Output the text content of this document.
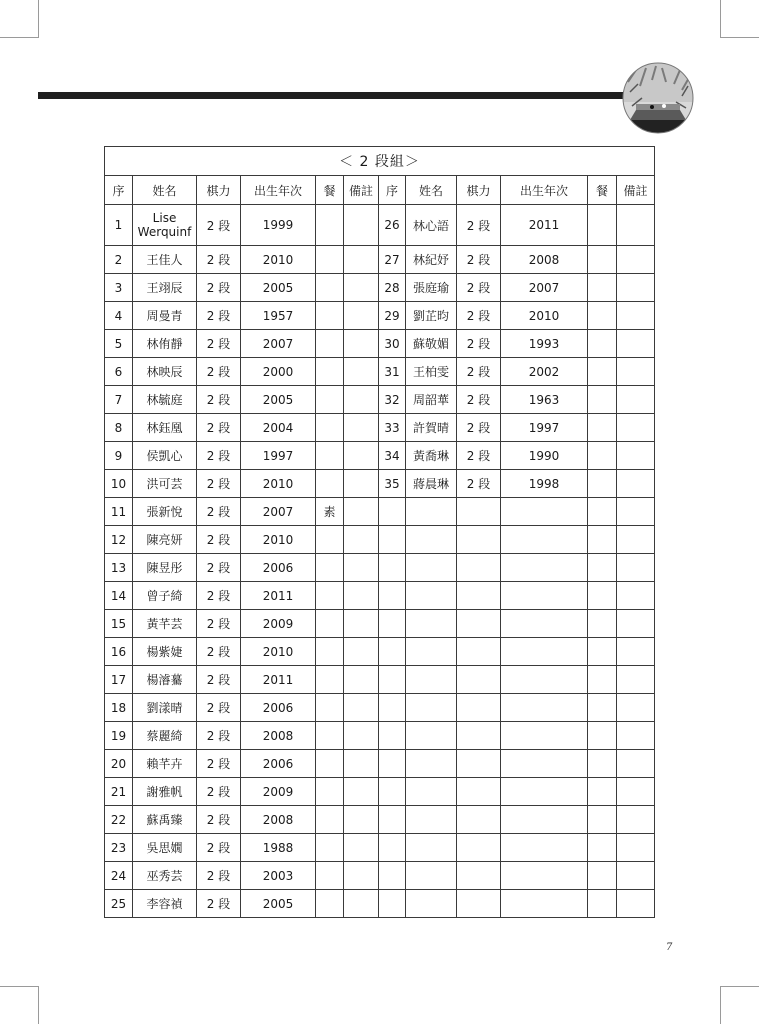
＜ 2 段組＞											
序	姓名	棋力	出生年次	餐	備註	序	姓名	棋力	出生年次	餐	備註
1	Lise Werquinf	2 段	1999			26	林心語	2 段	2011		
2	王佳人	2 段	2010			27	林紀妤	2 段	2008		
3	王翊辰	2 段	2005			28	張庭瑜	2 段	2007		
4	周曼青	2 段	1957			29	劉芷昀	2 段	2010		
5	林侑靜	2 段	2007			30	蘇敬媚	2 段	1993		
6	林映辰	2 段	2000			31	王柏雯	2 段	2002		
7	林毓庭	2 段	2005			32	周韶華	2 段	1963		
8	林鈺凰	2 段	2004			33	許賀晴	2 段	1997		
9	侯凱心	2 段	1997			34	黃喬琳	2 段	1990		
10	洪可芸	2 段	2010			35	蔣晨琳	2 段	1998		
11	張新悅	2 段	2007	素							
12	陳亮妍	2 段	2010								
13	陳昱彤	2 段	2006								
14	曾子綺	2 段	2011								
15	黃芊芸	2 段	2009								
16	楊紫婕	2 段	2010								
17	楊濬驀	2 段	2011								
18	劉漾晴	2 段	2006								
19	蔡麗綺	2 段	2008								
20	賴芊卉	2 段	2006								
21	謝雅帆	2 段	2009								
22	蘇禹臻	2 段	2008								
23	吳思嫺	2 段	1988								
24	巫秀芸	2 段	2003								
25	李容禎	2 段	2005								
7
